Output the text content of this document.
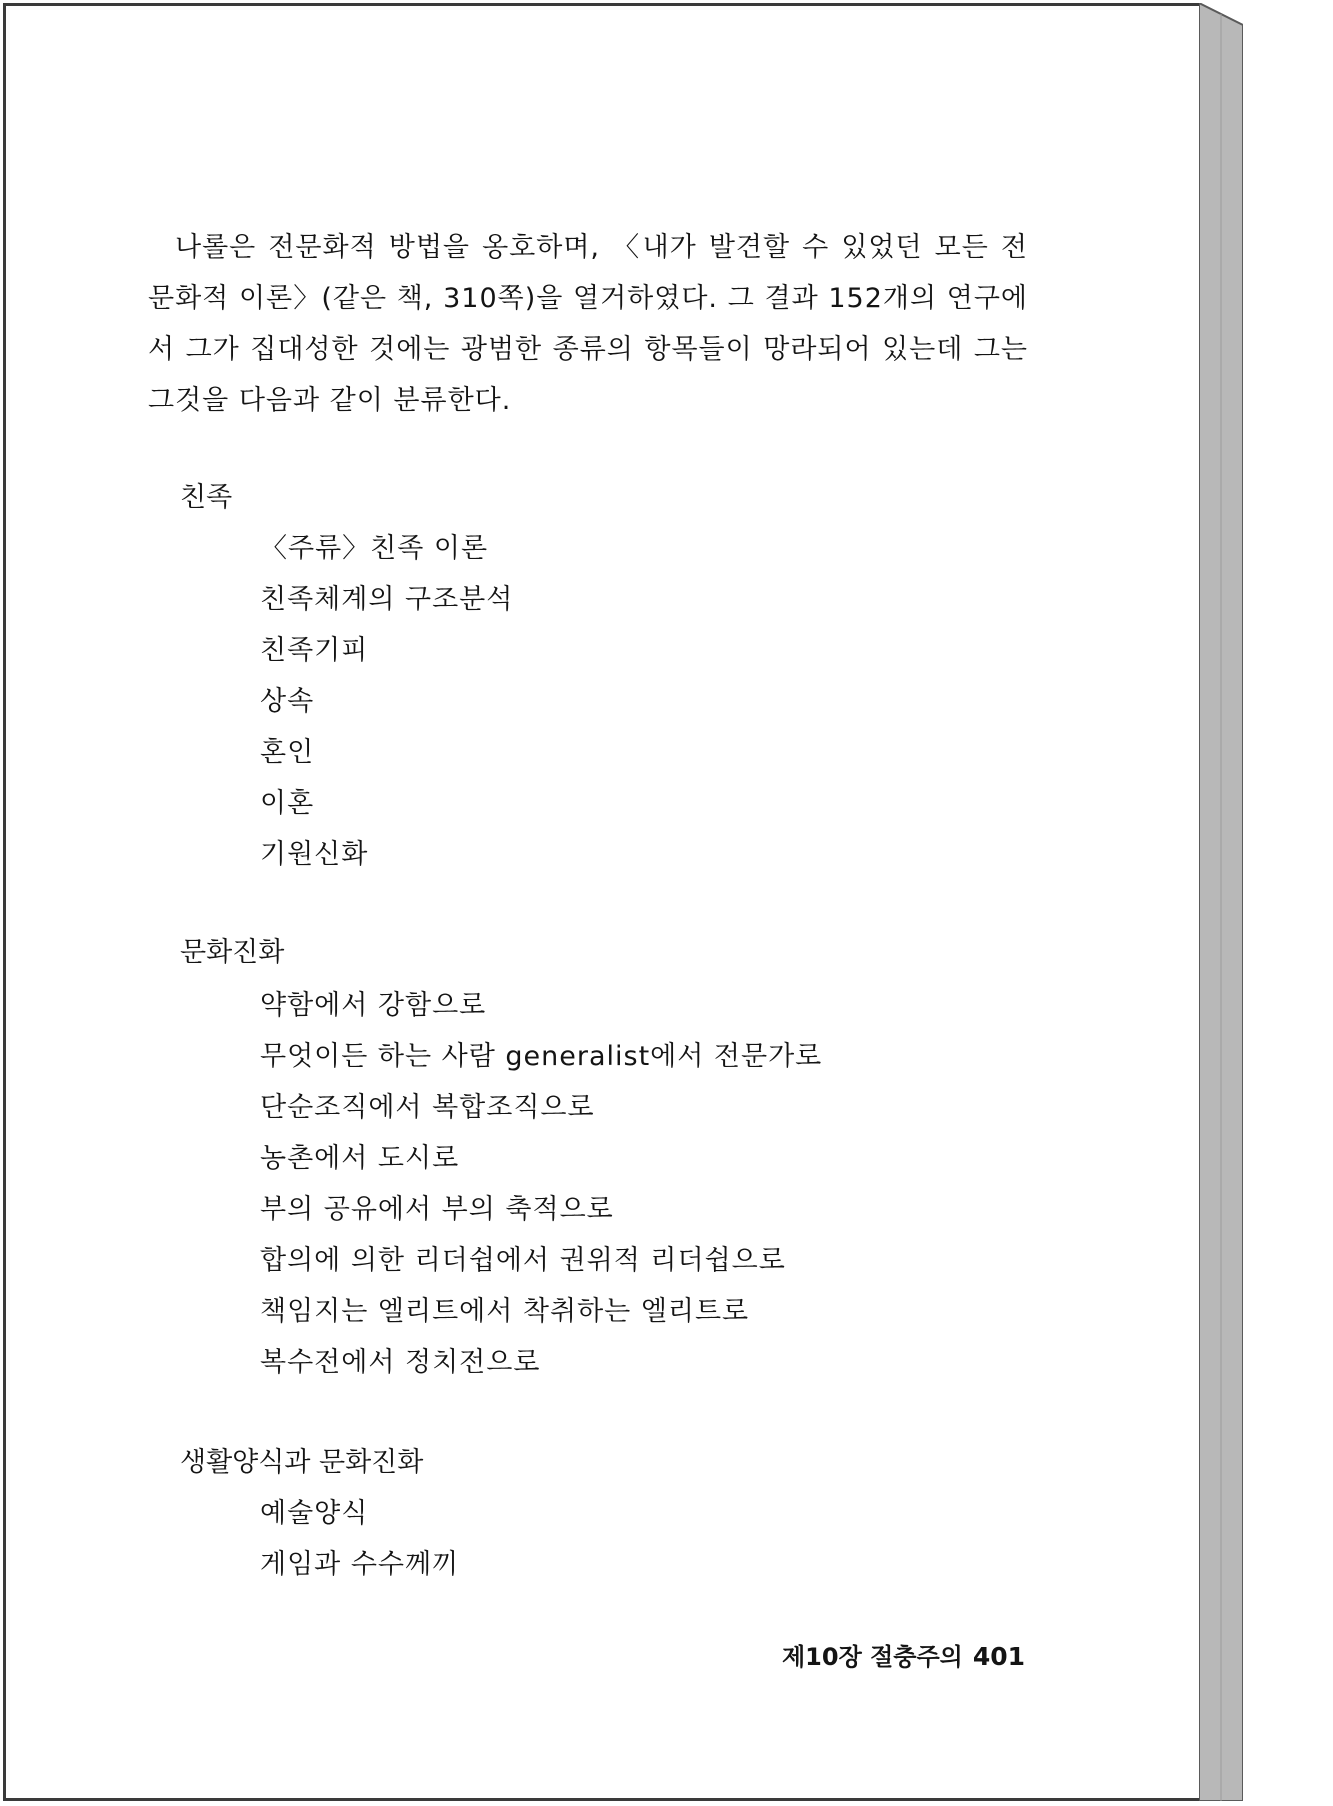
나롤은 전문화적 방법을 옹호하며, 〈내가 발견할 수 있었던 모든 전문화적 이론〉(같은 책, 310쪽)을 열거하였다. 그 결과 152개의 연구에서 그가 집대성한 것에는 광범한 종류의 항목들이 망라되어 있는데 그는 그것을 다음과 같이 분류한다.

친족
〈주류〉친족 이론
친족체계의 구조분석
친족기피
상속
혼인
이혼
기원신화
문화진화
약함에서 강함으로
무엇이든 하는 사람 generalist에서 전문가로
단순조직에서 복합조직으로
농촌에서 도시로
부의 공유에서 부의 축적으로
합의에 의한 리더쉽에서 권위적 리더쉽으로
책임지는 엘리트에서 착취하는 엘리트로
복수전에서 정치전으로
생활양식과 문화진화
예술양식
게임과 수수께끼
제10장 절충주의 401
